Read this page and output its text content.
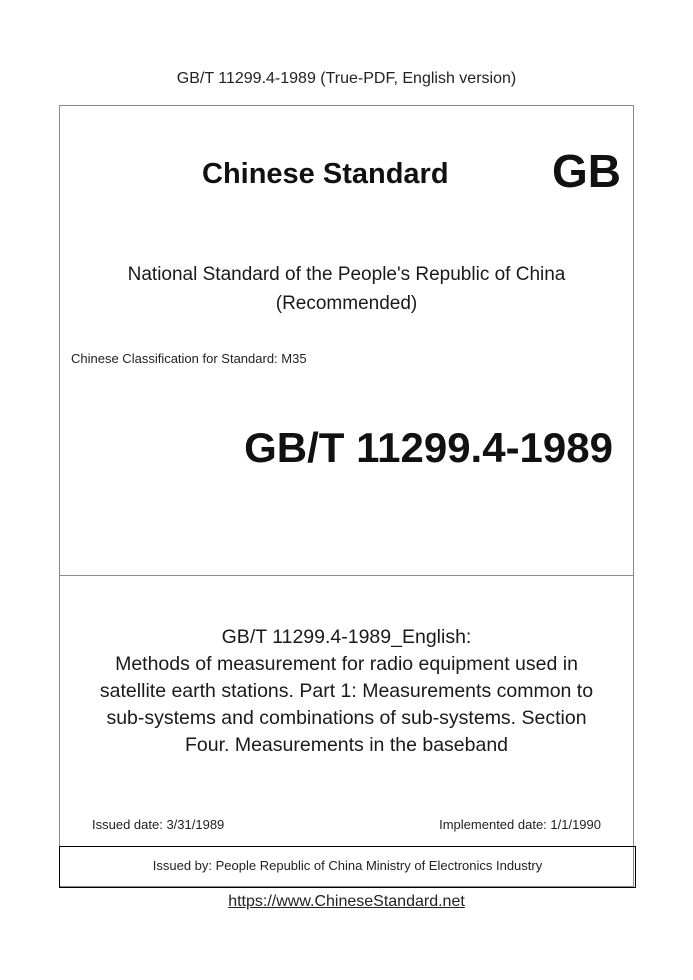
GB/T 11299.4-1989 (True-PDF, English version)
Chinese Standard GB
National Standard of the People's Republic of China
(Recommended)
Chinese Classification for Standard: M35
GB/T 11299.4-1989
GB/T 11299.4-1989_English:
Methods of measurement for radio equipment used in
satellite earth stations. Part 1: Measurements common to
sub-systems and combinations of sub-systems. Section
Four. Measurements in the baseband
Issued date: 3/31/1989	Implemented date: 1/1/1990
Issued by: People Republic of China Ministry of Electronics Industry
https://www.ChineseStandard.net
